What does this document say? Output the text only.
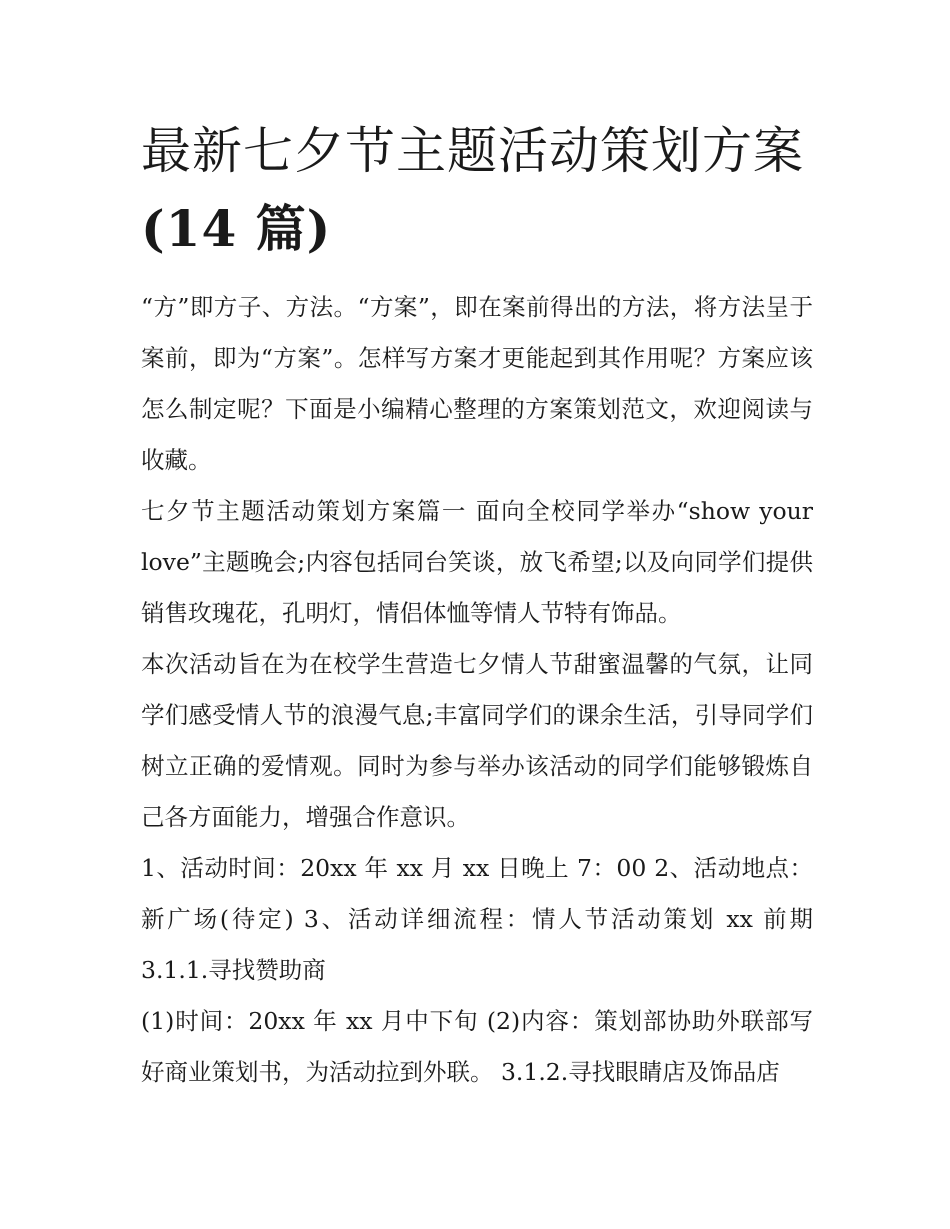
最新七夕节主题活动策划方案
(14 篇)

“方”即方子、方法。“方案”，即在案前得出的方法，将方法呈于案前，即为“方案”。怎样写方案才更能起到其作用呢？方案应该怎么制定呢？下面是小编精心整理的方案策划范文，欢迎阅读与收藏。

七夕节主题活动策划方案篇一 面向全校同学举办“show your love”主题晚会;内容包括同台笑谈，放飞希望;以及向同学们提供销售玫瑰花，孔明灯，情侣体恤等情人节特有饰品。

本次活动旨在为在校学生营造七夕情人节甜蜜温馨的气氛，让同学们感受情人节的浪漫气息;丰富同学们的课余生活，引导同学们树立正确的爱情观。同时为参与举办该活动的同学们能够锻炼自己各方面能力，增强合作意识。

1、活动时间：20xx 年 xx 月 xx 日晚上 7：00 2、活动地点：新广场(待定) 3、活动详细流程：情人节活动策划 xx 前期 3.1.1.寻找赞助商

(1)时间：20xx 年 xx 月中下旬 (2)内容：策划部协助外联部写好商业策划书，为活动拉到外联。 3.1.2.寻找眼睛店及饰品店
